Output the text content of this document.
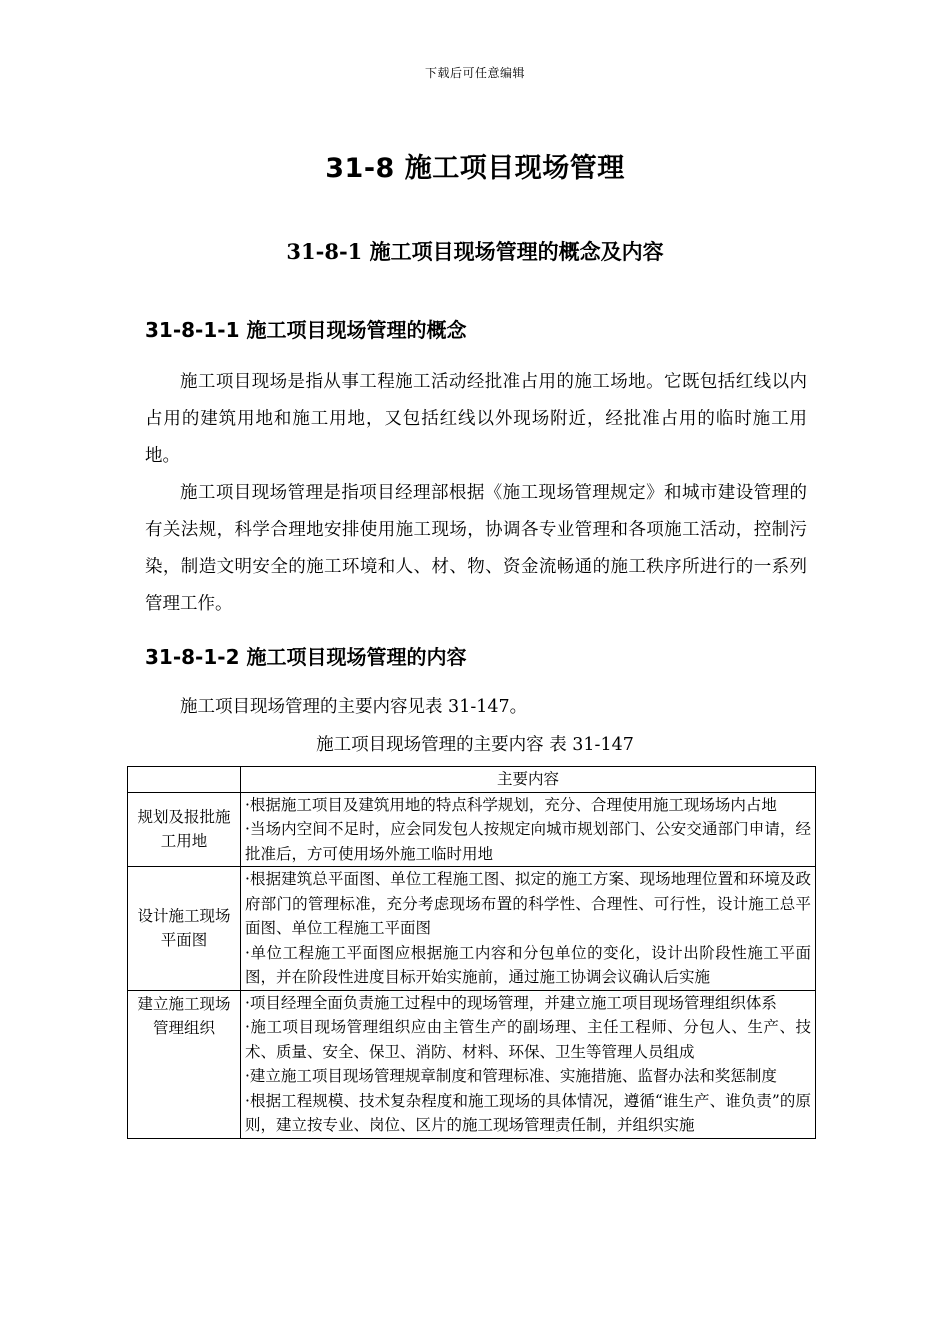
下载后可任意编辑
31-8 施工项目现场管理
31-8-1 施工项目现场管理的概念及内容
31-8-1-1 施工项目现场管理的概念

施工项目现场是指从事工程施工活动经批准占用的施工场地。它既包括红线以内占用的建筑用地和施工用地，又包括红线以外现场附近，经批准占用的临时施工用地。

施工项目现场管理是指项目经理部根据《施工现场管理规定》和城市建设管理的有关法规，科学合理地安排使用施工现场，协调各专业管理和各项施工活动，控制污染，制造文明安全的施工环境和人、材、物、资金流畅通的施工秩序所进行的一系列管理工作。

31-8-1-2 施工项目现场管理的内容

施工项目现场管理的主要内容见表 31-147。

施工项目现场管理的主要内容 表 31-147
	主要内容
规划及报批施工用地	·根据施工项目及建筑用地的特点科学规划，充分、合理使用施工现场场内占地
·当场内空间不足时，应会同发包人按规定向城市规划部门、公安交通部门申请，经批准后，方可使用场外施工临时用地

设计施工现场平面图	·根据建筑总平面图、单位工程施工图、拟定的施工方案、现场地理位置和环境及政府部门的管理标准，充分考虑现场布置的科学性、合理性、可行性，设计施工总平面图、单位工程施工平面图
·单位工程施工平面图应根据施工内容和分包单位的变化，设计出阶段性施工平面图，并在阶段性进度目标开始实施前，通过施工协调会议确认后实施

建立施工现场管理组织	·项目经理全面负责施工过程中的现场管理，并建立施工项目现场管理组织体系
·施工项目现场管理组织应由主管生产的副场理、主任工程师、分包人、生产、技术、质量、安全、保卫、消防、材料、环保、卫生等管理人员组成
·建立施工项目现场管理规章制度和管理标准、实施措施、监督办法和奖惩制度
·根据工程规模、技术复杂程度和施工现场的具体情况，遵循“谁生产、谁负责”的原则，建立按专业、岗位、区片的施工现场管理责任制，并组织实施
